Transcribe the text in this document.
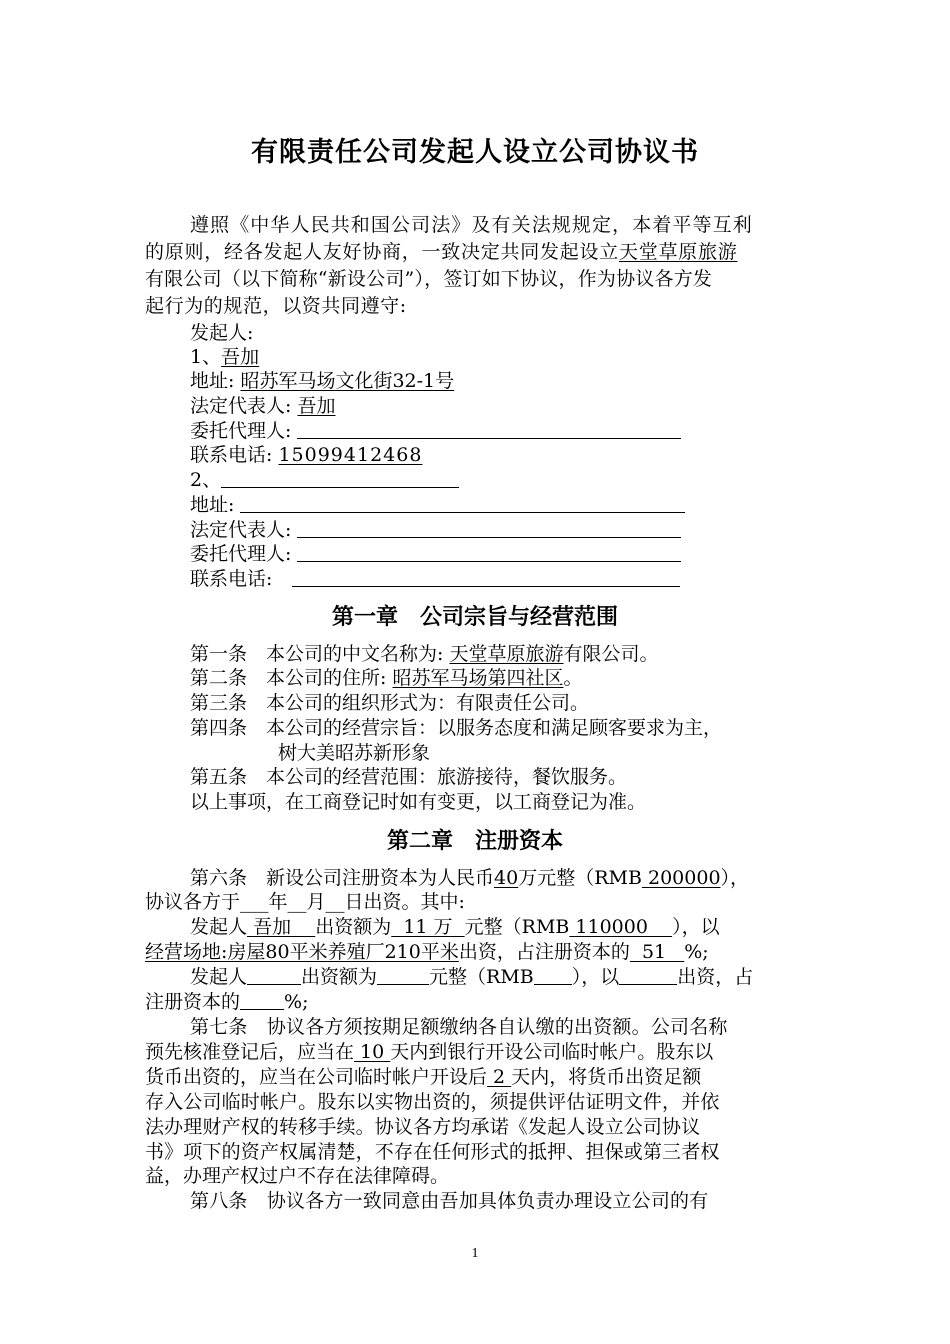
有限责任公司发起人设立公司协议书
遵照《中华人民共和国公司法》及有关法规规定，本着平等互利
的原则，经各发起人友好协商，一致决定共同发起设立天堂草原旅游
有限公司（以下简称“新设公司”），签订如下协议，作为协议各方发
起行为的规范，以资共同遵守:
发起人:
1、吾加
地址: 昭苏军马场文化街32-1号
法定代表人: 吾加
委托代理人:
联系电话: 15099412468
2、
地址:
法定代表人:
委托代理人:
联系电话:
第一章　公司宗旨与经营范围
第一条　 本公司的中文名称为: 天堂草原旅游有限公司。
第二条　 本公司的住所: 昭苏军马场第四社区。
第三条　 本公司的组织形式为：有限责任公司。
第四条　 本公司的经营宗旨：以服务态度和满足顾客要求为主，
树大美昭苏新形象
第五条　 本公司的经营范围：旅游接待，餐饮服务。
以上事项，在工商登记时如有变更，以工商登记为准。
第二章　注册资本
第六条　 新设公司注册资本为人民币40万元整（RMB 200000），
协议各方于___年__月__日出资。其中:
发起人 吾加 出资额为  11 万  元整（RMB 110000    ），以
经营场地:房屋80平米养殖厂210平米出资，占注册资本的  51   %;
发起人	出资额为	元整（RMB ），以	出资，占
注册资本的 %;
第七条　 协议各方须按期足额缴纳各自认缴的出资额。公司名称
预先核准登记后，应当在 10 天内到银行开设公司临时帐户。股东以
货币出资的，应当在公司临时帐户开设后 2 天内，将货币出资足额
存入公司临时帐户。股东以实物出资的，须提供评估证明文件，并依
法办理财产权的转移手续。协议各方均承诺《发起人设立公司协议
书》项下的资产权属清楚，不存在任何形式的抵押、担保或第三者权
益，办理产权过户不存在法律障碍。
第八条　 协议各方一致同意由吾加具体负责办理设立公司的有
1
